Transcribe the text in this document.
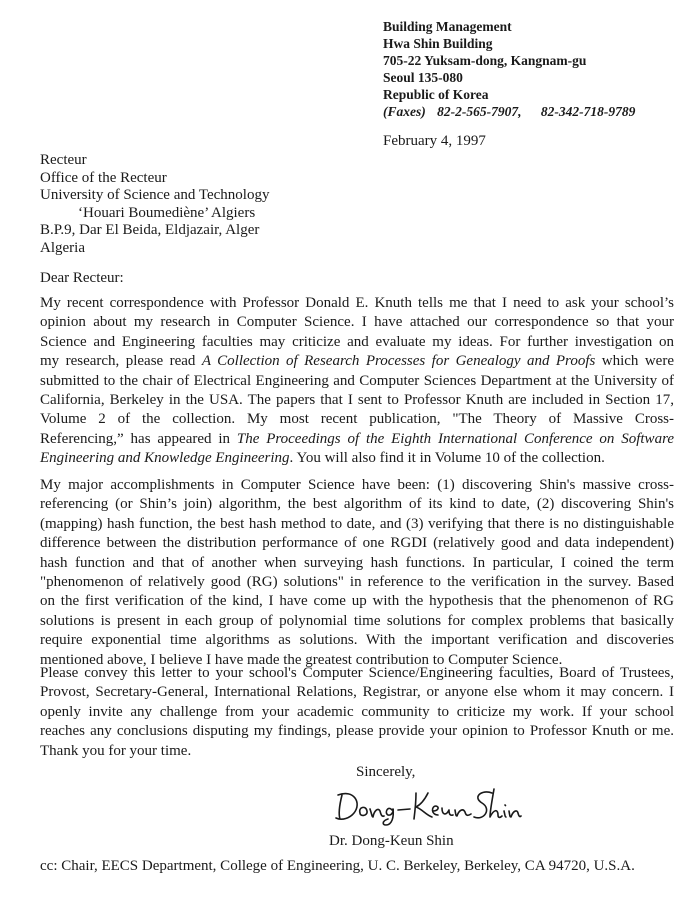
Building Management
Hwa Shin Building
705-22 Yuksam-dong, Kangnam-gu
Seoul 135-080
Republic of Korea
(Faxes) 82-2-565-7907, 82-342-718-9789
February 4, 1997
Recteur
Office of the Recteur
University of Science and Technology
‘Houari Boumediène’ Algiers
B.P.9, Dar El Beida, Eldjazair, Alger
Algeria
Dear Recteur:
My recent correspondence with Professor Donald E. Knuth tells me that I need to ask your school’s
opinion about my research in Computer Science. I have attached our correspondence so that your
Science and Engineering faculties may criticize and evaluate my ideas. For further investigation on
my research, please read A Collection of Research Processes for Genealogy and Proofs which were
submitted to the chair of Electrical Engineering and Computer Sciences Department at the University of
California, Berkeley in the USA. The papers that I sent to Professor Knuth are included in Section 17,
Volume 2 of the collection. My most recent publication, "The Theory of Massive Cross-
Referencing,” has appeared in The Proceedings of the Eighth International Conference on Software
Engineering and Knowledge Engineering. You will also find it in Volume 10 of the collection.
My major accomplishments in Computer Science have been: (1) discovering Shin's massive cross-
referencing (or Shin’s join) algorithm, the best algorithm of its kind to date, (2) discovering Shin's
(mapping) hash function, the best hash method to date, and (3) verifying that there is no distinguishable
difference between the distribution performance of one RGDI (relatively good and data independent)
hash function and that of another when surveying hash functions. In particular, I coined the term
"phenomenon of relatively good (RG) solutions" in reference to the verification in the survey. Based
on the first verification of the kind, I have come up with the hypothesis that the phenomenon of RG
solutions is present in each group of polynomial time solutions for complex problems that basically
require exponential time algorithms as solutions. With the important verification and discoveries
mentioned above, I believe I have made the greatest contribution to Computer Science.
Please convey this letter to your school's Computer Science/Engineering faculties, Board of Trustees,
Provost, Secretary-General, International Relations, Registrar, or anyone else whom it may concern. I
openly invite any challenge from your academic community to criticize my work. If your school
reaches any conclusions disputing my findings, please provide your opinion to Professor Knuth or me.
Thank you for your time.
Sincerely,
Dr. Dong-Keun Shin
cc: Chair, EECS Department, College of Engineering, U. C. Berkeley, Berkeley, CA 94720, U.S.A.
